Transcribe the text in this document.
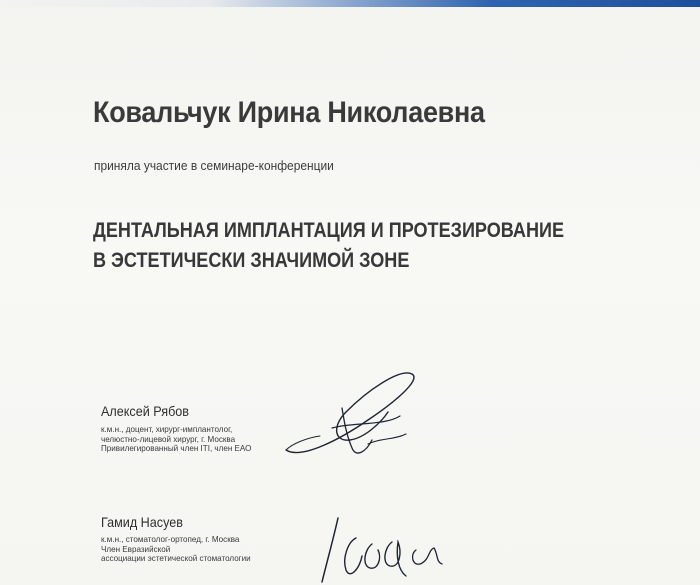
Ковальчук Ирина Николаевна
приняла участие в семинаре-конференции
ДЕНТАЛЬНАЯ ИМПЛАНТАЦИЯ И ПРОТЕЗИРОВАНИЕ
В ЭСТЕТИЧЕСКИ ЗНАЧИМОЙ ЗОНЕ
Алексей Рябов
к.м.н., доцент, хирург-имплантолог,
челюстно-лицевой хирург, г. Москва
Привилегированный член ITI, член ЕАО
Гамид Насуев
к.м.н., стоматолог-ортопед, г. Москва
Член Евразийской
ассоциации эстетической стоматологии
